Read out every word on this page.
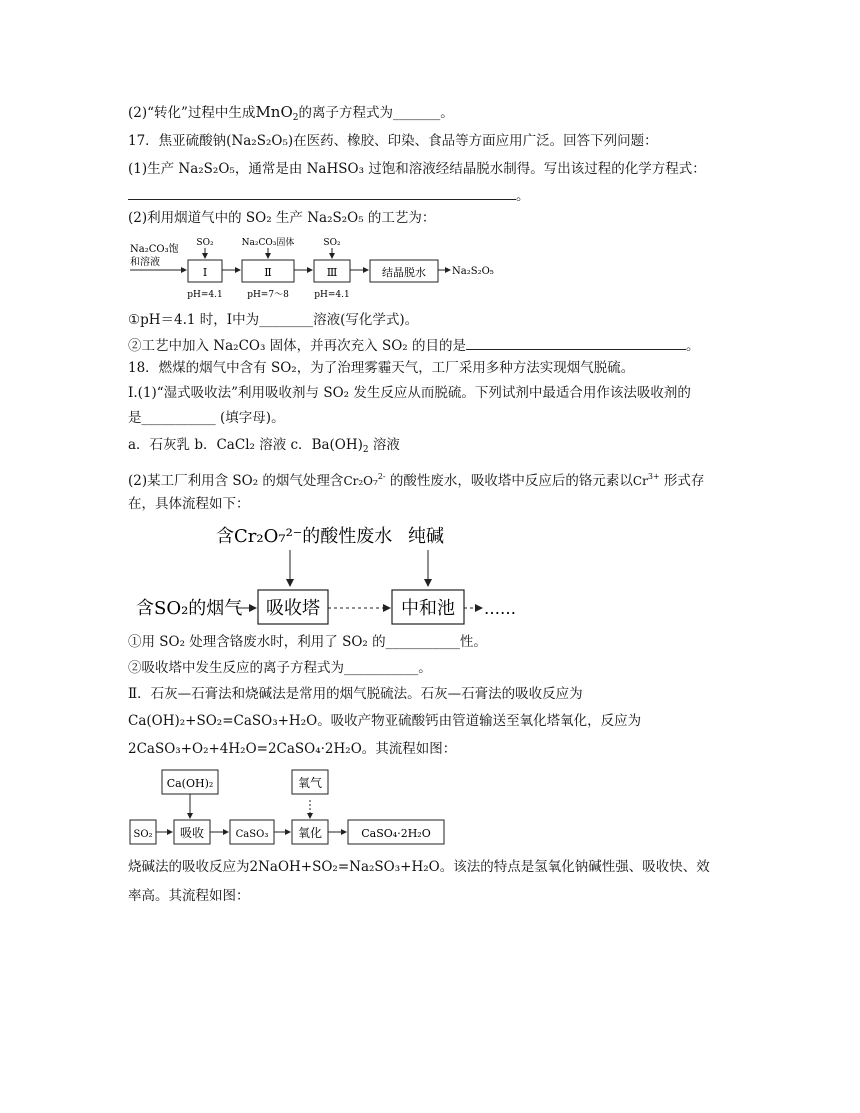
(2)“转化”过程中生成MnO$_2$的离子方程式为_______。
17．焦亚硫酸钠(Na₂S₂O₅)在医药、橡胶、印染、食品等方面应用广泛。回答下列问题：
(1)生产 Na₂S₂O₅，通常是由 NaHSO₃ 过饱和溶液经结晶脱水制得。写出该过程的化学方程式：
。
(2)利用烟道气中的 SO₂ 生产 Na₂S₂O₅ 的工艺为：
Na₂CO₃饱
和溶液
Ⅰ
SO₂
pH=4.1
Ⅱ
Na₂CO₃固体
pH=7～8
Ⅲ
SO₂
pH=4.1
结晶脱水	Na₂S₂O₅
①pH＝4.1 时，Ⅰ中为________溶液(写化学式)。
②工艺中加入 Na₂CO₃ 固体，并再次充入 SO₂ 的目的是	。
18．燃煤的烟气中含有 SO₂，为了治理雾霾天气，工厂采用多种方法实现烟气脱硫。
Ⅰ.(1)“湿式吸收法”利用吸收剂与 SO₂ 发生反应从而脱硫。下列试剂中最适合用作该法吸收剂的
是___________ (填字母)。
a．石灰乳 b．CaCl₂ 溶液 c．$Ba(OH)_2$ 溶液
(2)某工厂利用含 SO₂ 的烟气处理含Cr₂O₇$^{2-}$ 的酸性废水，吸收塔中反应后的铬元素以$Cr^{3+}$ 形式存
在，具体流程如下：
含Cr₂O₇²⁻的酸性废水 纯碱
含SO₂的烟气 吸收塔	中和池 ……
①用 SO₂ 处理含铬废水时，利用了 SO₂ 的___________性。
②吸收塔中发生反应的离子方程式为___________。
Ⅱ．石灰—石膏法和烧碱法是常用的烟气脱硫法。石灰—石膏法的吸收反应为
Ca(OH)₂+SO₂=CaSO₃+H₂O。吸收产物亚硫酸钙由管道输送至氧化塔氧化，反应为
2CaSO₃+O₂+4H₂O=2CaSO₄·2H₂O。其流程如图：
Ca(OH)₂	氧气
SO₂ 吸收	CaSO₃ 氧化	CaSO₄·2H₂O
烧碱法的吸收反应为2NaOH+SO₂=Na₂SO₃+H₂O。该法的特点是氢氧化钠碱性强、吸收快、效
率高。其流程如图：
